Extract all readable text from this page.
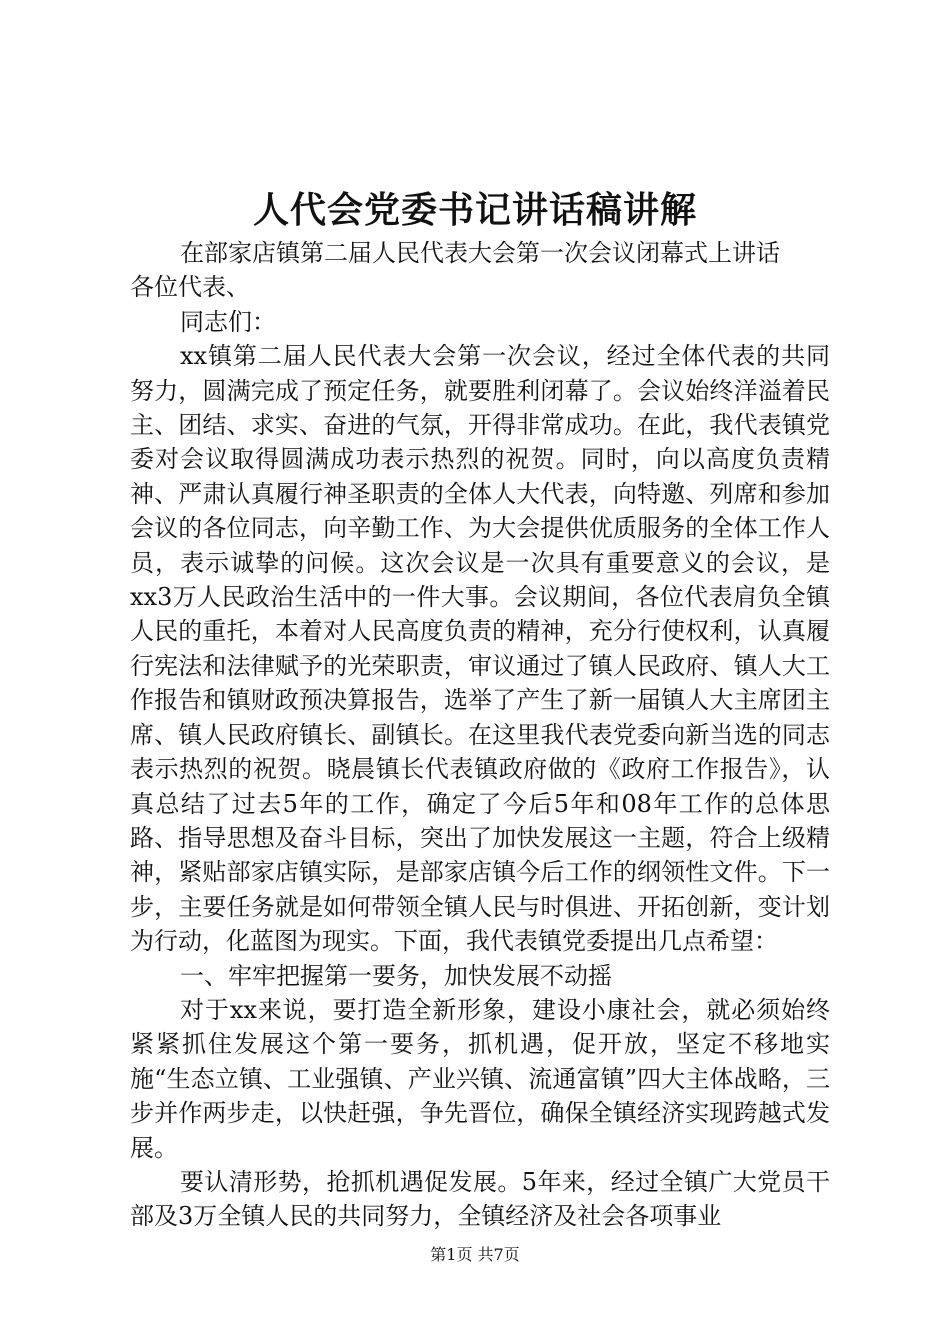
人代会党委书记讲话稿讲解

在部家店镇第二届人民代表大会第一次会议闭幕式上讲话

各位代表、

同志们：

xx镇第二届人民代表大会第一次会议，经过全体代表的共同努力，圆满完成了预定任务，就要胜利闭幕了。会议始终洋溢着民主、团结、求实、奋进的气氛，开得非常成功。在此，我代表镇党委对会议取得圆满成功表示热烈的祝贺。同时，向以高度负责精神、严肃认真履行神圣职责的全体人大代表，向特邀、列席和参加会议的各位同志，向辛勤工作、为大会提供优质服务的全体工作人员，表示诚挚的问候。这次会议是一次具有重要意义的会议，是xx3万人民政治生活中的一件大事。会议期间，各位代表肩负全镇人民的重托，本着对人民高度负责的精神，充分行使权利，认真履行宪法和法律赋予的光荣职责，审议通过了镇人民政府、镇人大工作报告和镇财政预决算报告，选举了产生了新一届镇人大主席团主席、镇人民政府镇长、副镇长。在这里我代表党委向新当选的同志表示热烈的祝贺。晓晨镇长代表镇政府做的《政府工作报告》，认真总结了过去5年的工作，确定了今后5年和08年工作的总体思路、指导思想及奋斗目标，突出了加快发展这一主题，符合上级精神，紧贴部家店镇实际，是部家店镇今后工作的纲领性文件。下一步，主要任务就是如何带领全镇人民与时俱进、开拓创新，变计划为行动，化蓝图为现实。下面，我代表镇党委提出几点希望：

一、牢牢把握第一要务，加快发展不动摇

对于xx来说，要打造全新形象，建设小康社会，就必须始终紧紧抓住发展这个第一要务，抓机遇，促开放，坚定不移地实施“生态立镇、工业强镇、产业兴镇、流通富镇”四大主体战略，三步并作两步走，以快赶强，争先晋位，确保全镇经济实现跨越式发展。

要认清形势，抢抓机遇促发展。5年来，经过全镇广大党员干部及3万全镇人民的共同努力，全镇经济及社会各项事业

第1页 共7页
